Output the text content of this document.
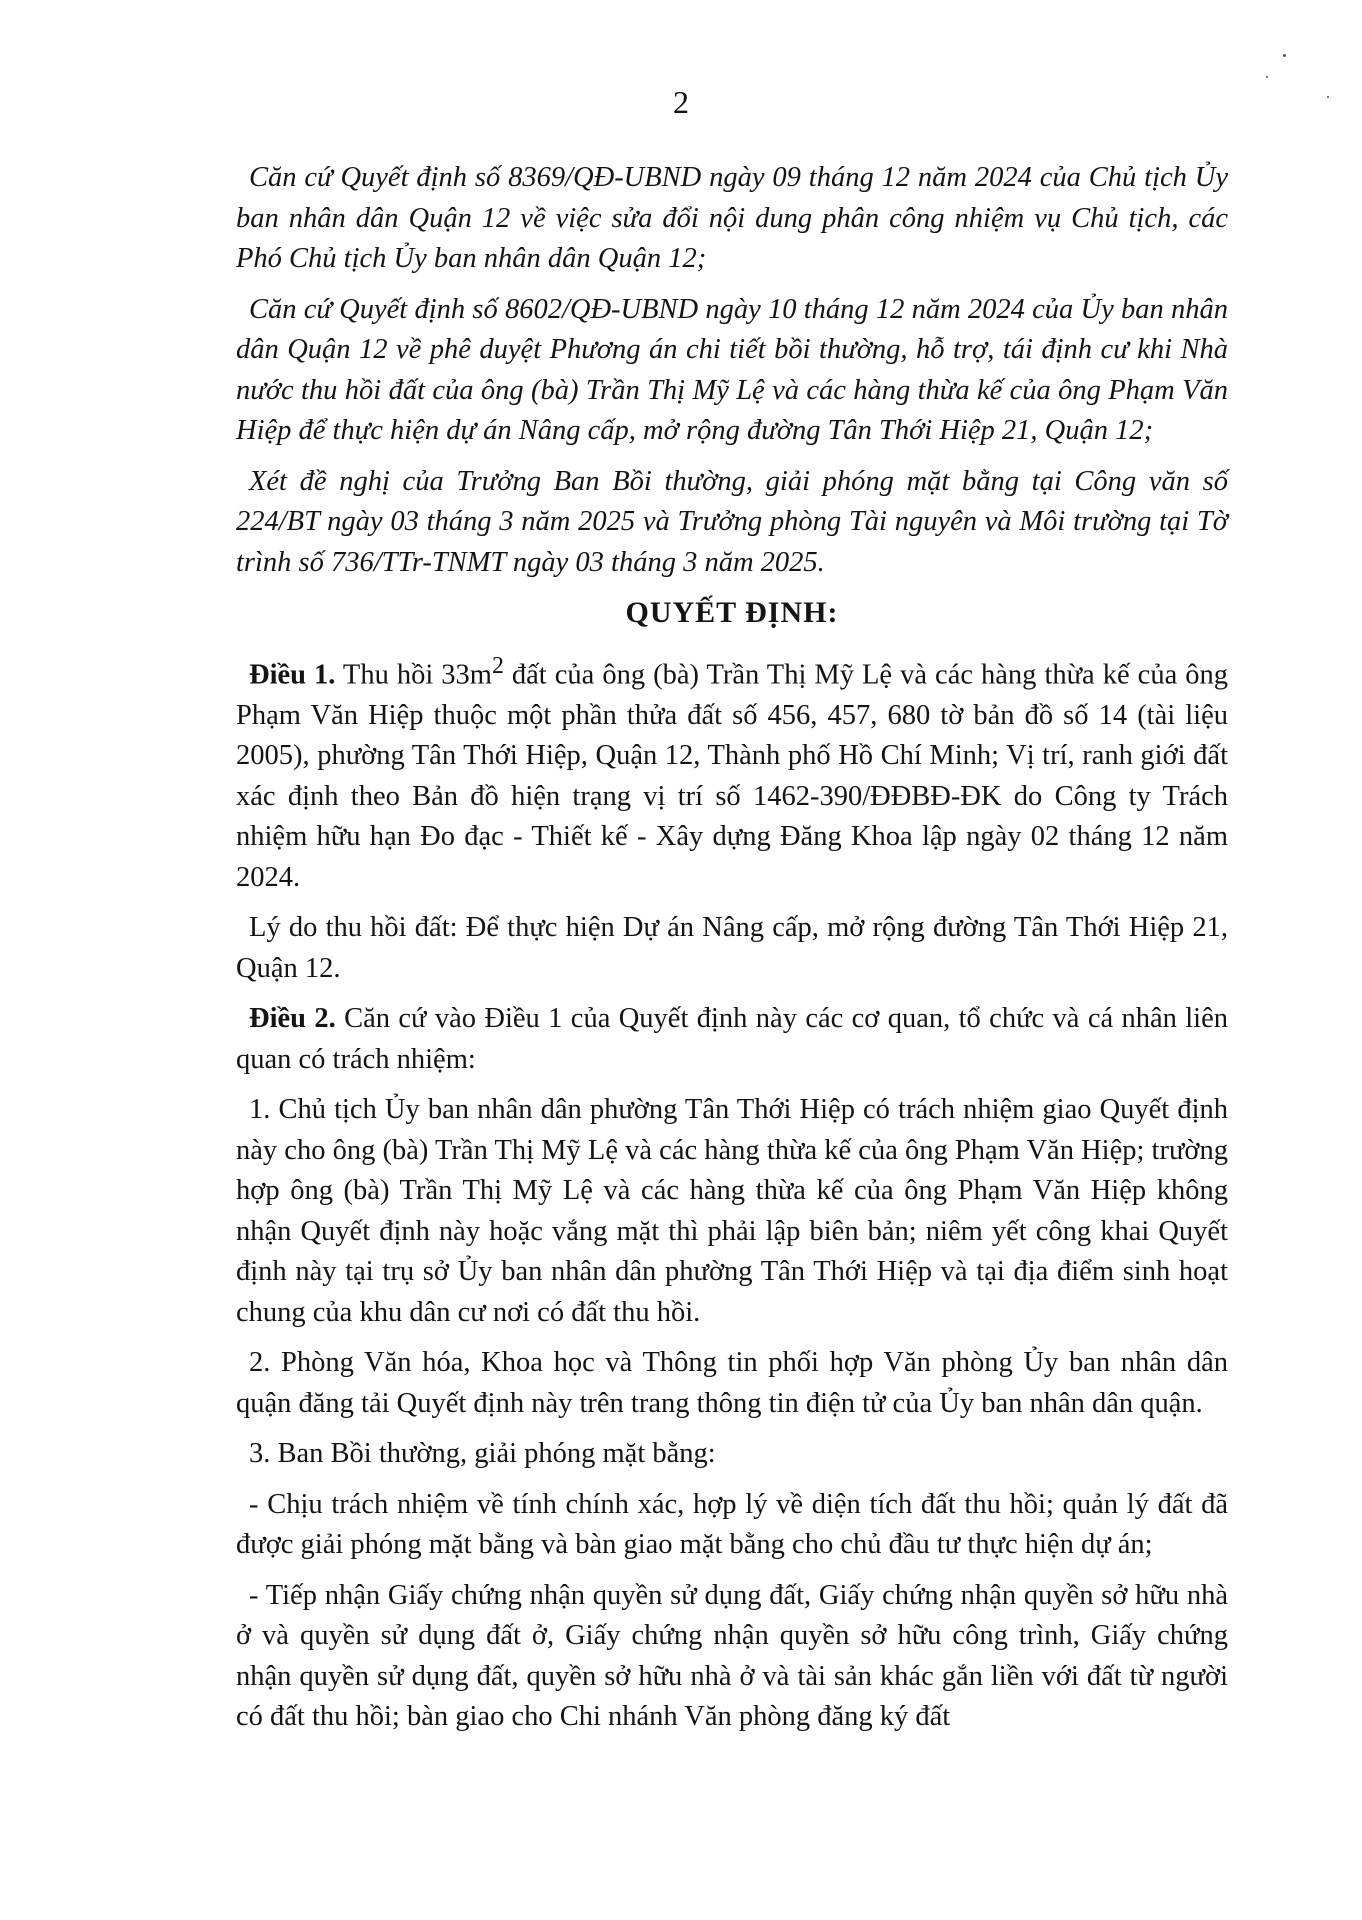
2

Căn cứ Quyết định số 8369/QĐ-UBND ngày 09 tháng 12 năm 2024 của Chủ tịch Ủy ban nhân dân Quận 12 về việc sửa đổi nội dung phân công nhiệm vụ Chủ tịch, các Phó Chủ tịch Ủy ban nhân dân Quận 12;

Căn cứ Quyết định số 8602/QĐ-UBND ngày 10 tháng 12 năm 2024 của Ủy ban nhân dân Quận 12 về phê duyệt Phương án chi tiết bồi thường, hỗ trợ, tái định cư khi Nhà nước thu hồi đất của ông (bà) Trần Thị Mỹ Lệ và các hàng thừa kế của ông Phạm Văn Hiệp để thực hiện dự án Nâng cấp, mở rộng đường Tân Thới Hiệp 21, Quận 12;

Xét đề nghị của Trưởng Ban Bồi thường, giải phóng mặt bằng tại Công văn số 224/BT ngày 03 tháng 3 năm 2025 và Trưởng phòng Tài nguyên và Môi trường tại Tờ trình số 736/TTr-TNMT ngày 03 tháng 3 năm 2025.

QUYẾT ĐỊNH:

Điều 1. Thu hồi $33m^2$ đất của ông (bà) Trần Thị Mỹ Lệ và các hàng thừa kế của ông Phạm Văn Hiệp thuộc một phần thửa đất số 456, 457, 680 tờ bản đồ số 14 (tài liệu 2005), phường Tân Thới Hiệp, Quận 12, Thành phố Hồ Chí Minh; Vị trí, ranh giới đất xác định theo Bản đồ hiện trạng vị trí số 1462-390/ĐĐBĐ-ĐK do Công ty Trách nhiệm hữu hạn Đo đạc - Thiết kế - Xây dựng Đăng Khoa lập ngày 02 tháng 12 năm 2024.

Lý do thu hồi đất: Để thực hiện Dự án Nâng cấp, mở rộng đường Tân Thới Hiệp 21, Quận 12.

Điều 2. Căn cứ vào Điều 1 của Quyết định này các cơ quan, tổ chức và cá nhân liên quan có trách nhiệm:

1. Chủ tịch Ủy ban nhân dân phường Tân Thới Hiệp có trách nhiệm giao Quyết định này cho ông (bà) Trần Thị Mỹ Lệ và các hàng thừa kế của ông Phạm Văn Hiệp; trường hợp ông (bà) Trần Thị Mỹ Lệ và các hàng thừa kế của ông Phạm Văn Hiệp không nhận Quyết định này hoặc vắng mặt thì phải lập biên bản; niêm yết công khai Quyết định này tại trụ sở Ủy ban nhân dân phường Tân Thới Hiệp và tại địa điểm sinh hoạt chung của khu dân cư nơi có đất thu hồi.

2. Phòng Văn hóa, Khoa học và Thông tin phối hợp Văn phòng Ủy ban nhân dân quận đăng tải Quyết định này trên trang thông tin điện tử của Ủy ban nhân dân quận.

3. Ban Bồi thường, giải phóng mặt bằng:

- Chịu trách nhiệm về tính chính xác, hợp lý về diện tích đất thu hồi; quản lý đất đã được giải phóng mặt bằng và bàn giao mặt bằng cho chủ đầu tư thực hiện dự án;

- Tiếp nhận Giấy chứng nhận quyền sử dụng đất, Giấy chứng nhận quyền sở hữu nhà ở và quyền sử dụng đất ở, Giấy chứng nhận quyền sở hữu công trình, Giấy chứng nhận quyền sử dụng đất, quyền sở hữu nhà ở và tài sản khác gắn liền với đất từ người có đất thu hồi; bàn giao cho Chi nhánh Văn phòng đăng ký đất
